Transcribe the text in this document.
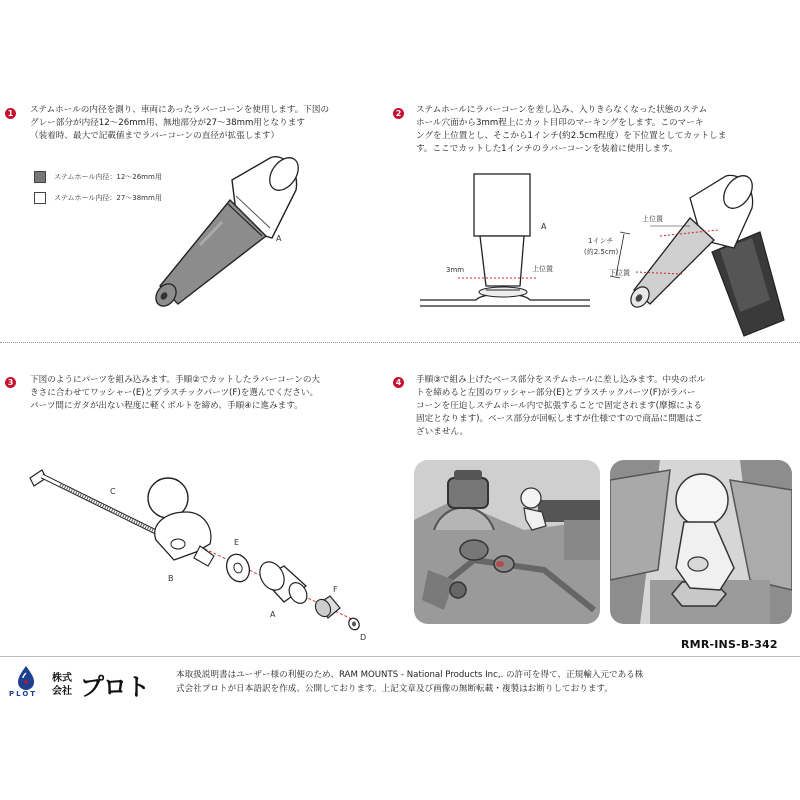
1	ステムホールの内径を測り、車両にあったラバーコーンを使用します。下図の
グレー部分が内径12～26mm用、無地部分が27～38mm用となります
（装着時、最大で記載値までラバーコーンの直径が拡張します）
ステムホール内径：12～26mm用
ステムホール内径：27～38mm用
A
2	ステムホールにラバーコーンを差し込み、入りきらなくなった状態のステム
ホール穴面から3mm程上にカット目印のマーキングをします。このマーキ
ングを上位置とし、そこから1インチ(約2.5cm程度）を下位置としてカットしま
す。ここでカットした1インチのラバーコーンを装着に使用します。
A
3mm	上位置
上位置
1インチ
(約2.5cm)
下位置
3	下図のようにパーツを組み込みます。手順②でカットしたラバーコーンの大
きさに合わせてワッシャー(E)とプラスチックパーツ(F)を選んでください。
パーツ間にガタが出ない程度に軽くボルトを締め、手順④に進みます。
C
B
E
A
F
D
4	手順③で組み上げたベース部分をステムホールに差し込みます。中央のボル
トを締めると左図のワッシャー部分(E)とプラスチックパーツ(F)がラバー
コーンを圧迫しステムホール内で拡張することで固定されます(摩擦による
固定となります)。ベース部分が回転しますが仕様ですので商品に問題はご
ざいません。
RMR-INS-B-342
PLOT
株式
会社 プロト	本取扱説明書はユーザー様の利便のため、RAM MOUNTS - National Products Inc,. の許可を得て、正規輸入元である株
式会社プロトが日本語訳を作成、公開しております。上記文章及び画像の無断転載・複製はお断りしております。
